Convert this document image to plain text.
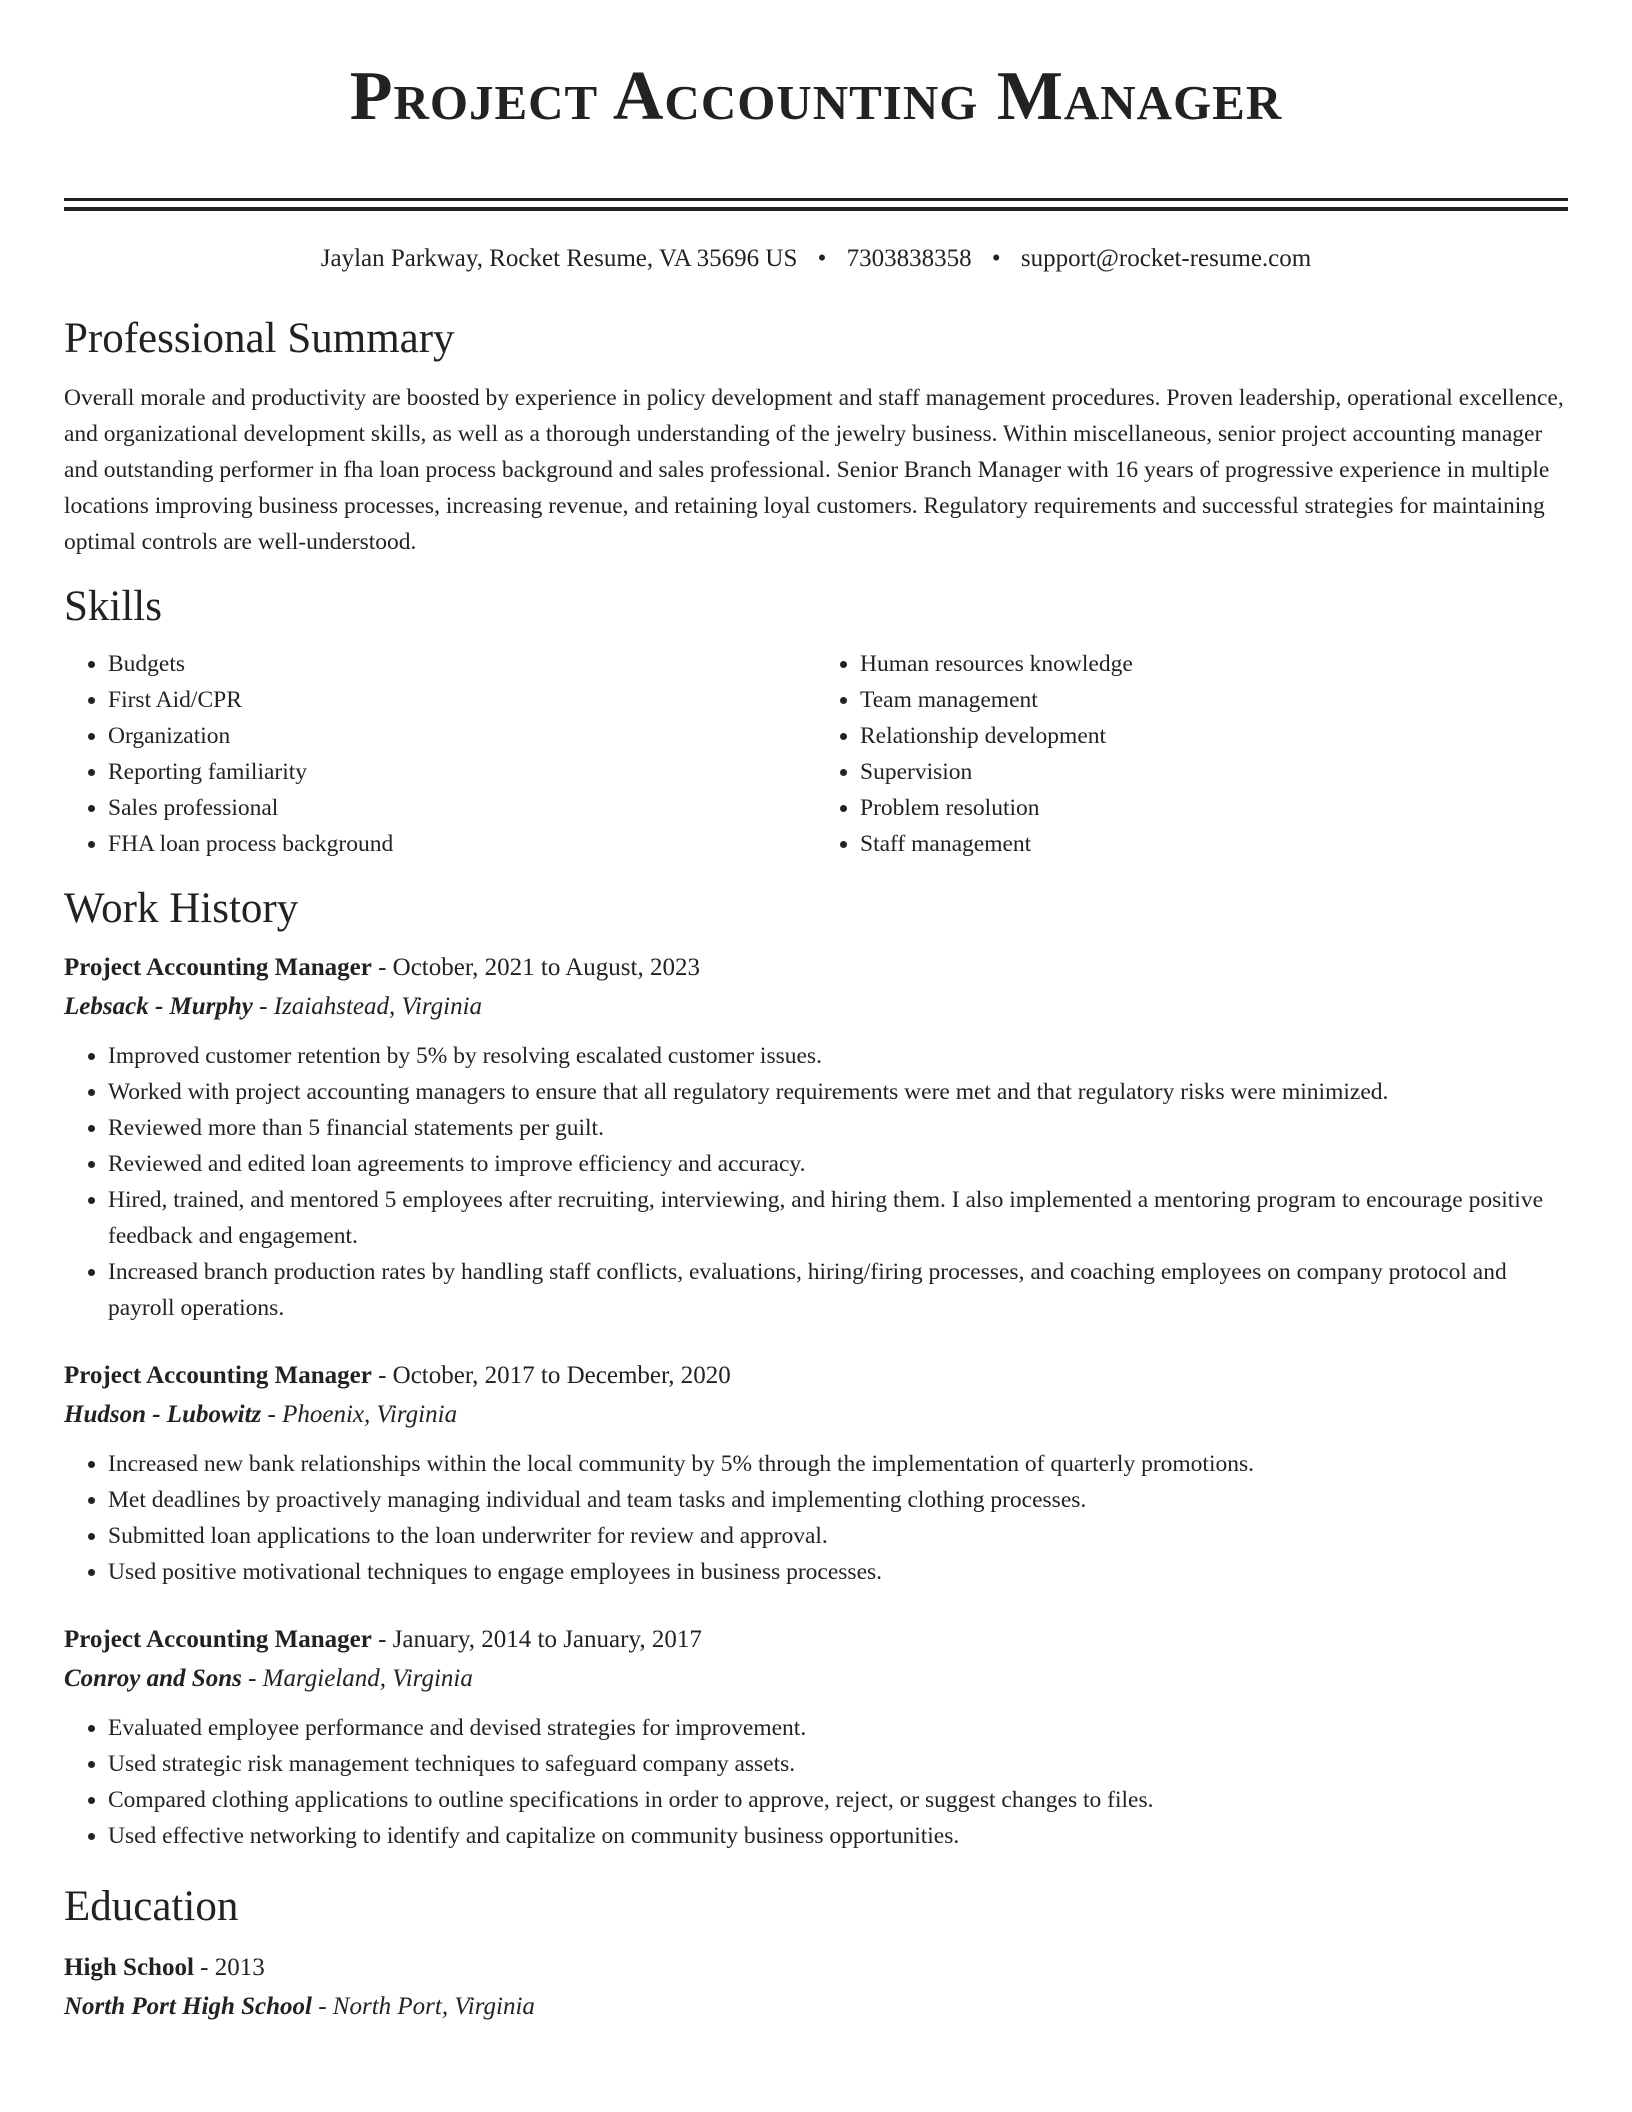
Project Accounting Manager
Jaylan Parkway, Rocket Resume, VA 35696 US • 7303838358 • support@rocket-resume.com
Professional Summary

Overall morale and productivity are boosted by experience in policy development and staff management procedures. Proven leadership, operational excellence, and organizational development skills, as well as a thorough understanding of the jewelry business. Within miscellaneous, senior project accounting manager and outstanding performer in fha loan process background and sales professional. Senior Branch Manager with 16 years of progressive experience in multiple locations improving business processes, increasing revenue, and retaining loyal customers. Regulatory requirements and successful strategies for maintaining optimal controls are well-understood.

Skills
• Budgets
• First Aid/CPR
• Organization
• Reporting familiarity
• Sales professional
• FHA loan process background
• Human resources knowledge
• Team management
• Relationship development
• Supervision
• Problem resolution
• Staff management
Work History
Project Accounting Manager - October, 2021 to August, 2023
Lebsack - Murphy - Izaiahstead, Virginia
• Improved customer retention by 5% by resolving escalated customer issues.
• Worked with project accounting managers to ensure that all regulatory requirements were met and that regulatory risks were minimized.
• Reviewed more than 5 financial statements per guilt.
• Reviewed and edited loan agreements to improve efficiency and accuracy.
• Hired, trained, and mentored 5 employees after recruiting, interviewing, and hiring them. I also implemented a mentoring program to encourage positive feedback and engagement.
• Increased branch production rates by handling staff conflicts, evaluations, hiring/firing processes, and coaching employees on company protocol and payroll operations.
Project Accounting Manager - October, 2017 to December, 2020
Hudson - Lubowitz - Phoenix, Virginia
• Increased new bank relationships within the local community by 5% through the implementation of quarterly promotions.
• Met deadlines by proactively managing individual and team tasks and implementing clothing processes.
• Submitted loan applications to the loan underwriter for review and approval.
• Used positive motivational techniques to engage employees in business processes.
Project Accounting Manager - January, 2014 to January, 2017
Conroy and Sons - Margieland, Virginia
• Evaluated employee performance and devised strategies for improvement.
• Used strategic risk management techniques to safeguard company assets.
• Compared clothing applications to outline specifications in order to approve, reject, or suggest changes to files.
• Used effective networking to identify and capitalize on community business opportunities.
Education
High School - 2013
North Port High School - North Port, Virginia
